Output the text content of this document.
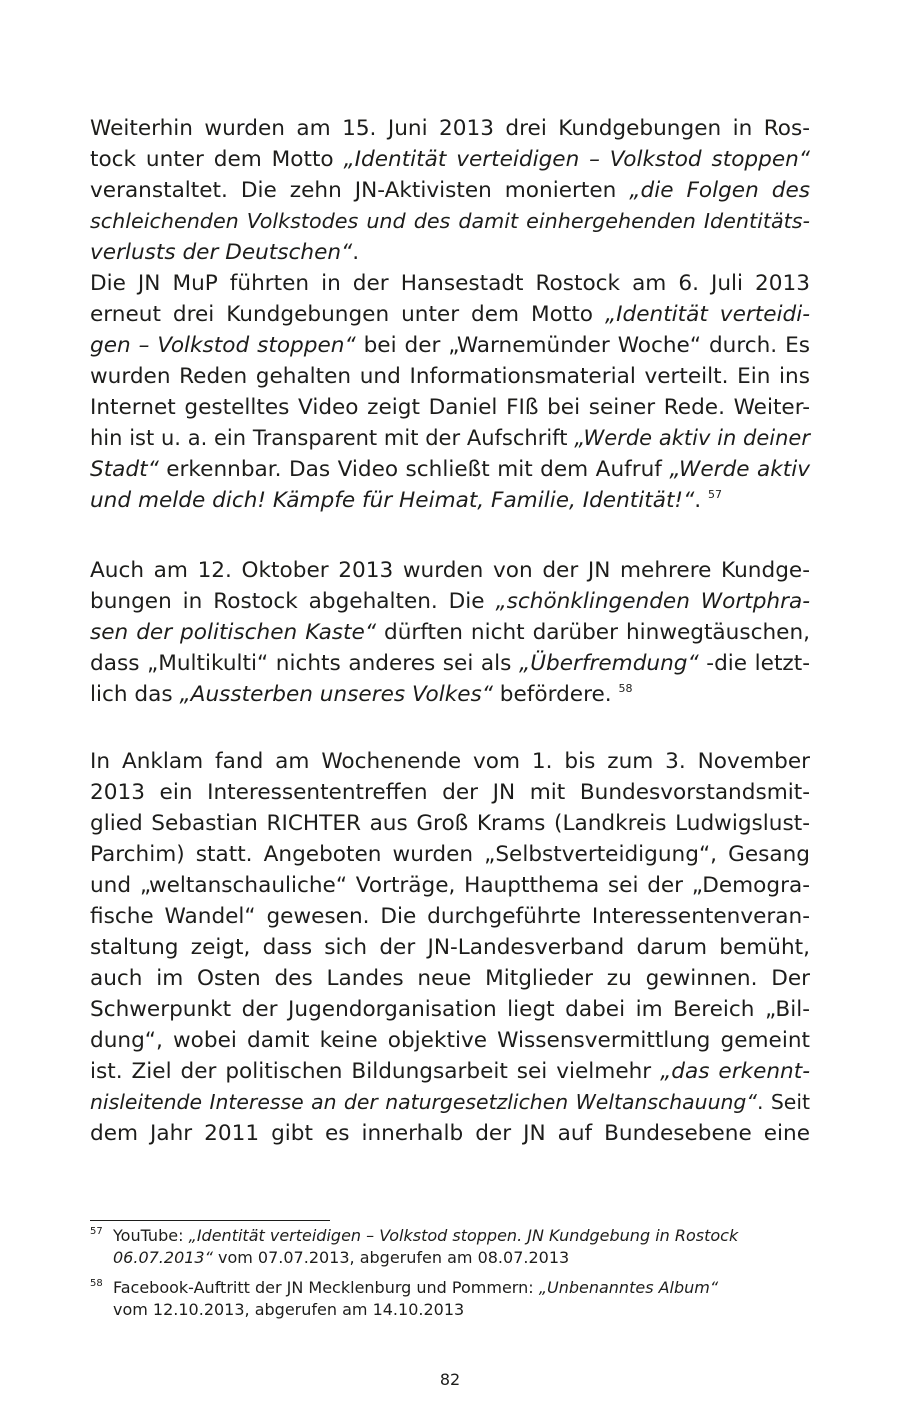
Weiterhin wurden am 15. Juni 2013 drei Kundgebungen in Ros-
tock unter dem Motto „Identität verteidigen – Volkstod stoppen“
veranstaltet. Die zehn JN-Aktivisten monierten „die Folgen des
schleichenden Volkstodes und des damit einhergehenden Identitäts-
verlusts der Deutschen“.
Die JN MuP führten in der Hansestadt Rostock am 6. Juli 2013
erneut drei Kundgebungen unter dem Motto „Identität verteidi-
gen – Volkstod stoppen“ bei der „Warnemünder Woche“ durch. Es
wurden Reden gehalten und Informationsmaterial verteilt. Ein ins
Internet gestelltes Video zeigt Daniel FIß bei seiner Rede. Weiter-
hin ist u. a. ein Transparent mit der Aufschrift „Werde aktiv in deiner
Stadt“ erkennbar. Das Video schließt mit dem Aufruf „Werde aktiv
und melde dich! Kämpfe für Heimat, Familie, Identität!“. $^{57}$
Auch am 12. Oktober 2013 wurden von der JN mehrere Kundge-
bungen in Rostock abgehalten. Die „schönklingenden Wortphra-
sen der politischen Kaste“ dürften nicht darüber hinwegtäuschen,
dass „Multikulti“ nichts anderes sei als „Überfremdung“ -die letzt-
lich das „Aussterben unseres Volkes“ befördere. $^{58}$
In Anklam fand am Wochenende vom 1. bis zum 3. November
2013 ein Interessententreffen der JN mit Bundesvorstandsmit-
glied Sebastian RICHTER aus Groß Krams (Landkreis Ludwigslust-
Parchim) statt. Angeboten wurden „Selbstverteidigung“, Gesang
und „weltanschauliche“ Vorträge, Hauptthema sei der „Demogra-
fische Wandel“ gewesen. Die durchgeführte Interessentenveran-
staltung zeigt, dass sich der JN-Landesverband darum bemüht,
auch im Osten des Landes neue Mitglieder zu gewinnen. Der
Schwerpunkt der Jugendorganisation liegt dabei im Bereich „Bil-
dung“, wobei damit keine objektive Wissensvermittlung gemeint
ist. Ziel der politischen Bildungsarbeit sei vielmehr „das erkennt-
nisleitende Interesse an der naturgesetzlichen Weltanschauung“. Seit
dem Jahr 2011 gibt es innerhalb der JN auf Bundesebene eine
57 YouTube: „Identität verteidigen – Volkstod stoppen. JN Kundgebung in Rostock
06.07.2013“ vom 07.07.2013, abgerufen am 08.07.2013
58 Facebook-Auftritt der JN Mecklenburg und Pommern: „Unbenanntes Album“
vom 12.10.2013, abgerufen am 14.10.2013
82
